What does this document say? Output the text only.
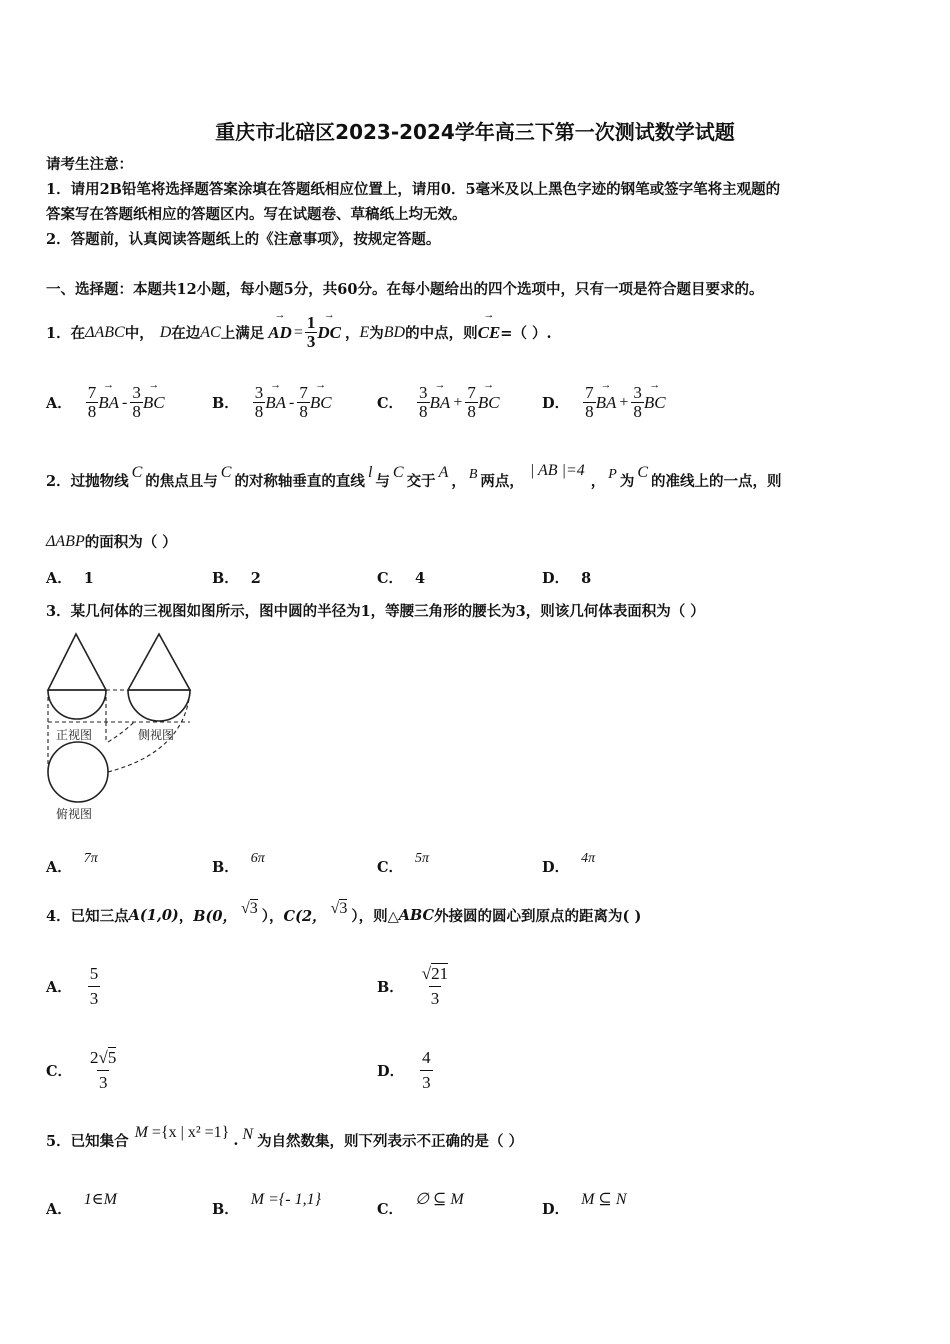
重庆市北碚区2023-2024学年高三下第一次测试数学试题
请考生注意：
1．请用2B铅笔将选择题答案涂填在答题纸相应位置上，请用0．5毫米及以上黑色字迹的钢笔或签字笔将主观题的
答案写在答题纸相应的答题区内。写在试题卷、草稿纸上均无效。
2．答题前，认真阅读答题纸上的《注意事项》，按规定答题。
一、选择题：本题共12小题，每小题5分，共60分。在每小题给出的四个选项中，只有一项是符合题目要求的。
1．在 ΔABC 中， D 在边 AC 上满足 → AD = $\frac{1}{3}$ → DC ， E 为 BD 的中点，则 → CE =（ ）.
A． $\frac{7}{8}$ → BA - $\frac{3}{8}$ → BC	B． $\frac{3}{8}$ → BA - $\frac{7}{8}$ → BC	C． $\frac{3}{8}$ → BA + $\frac{7}{8}$ → BC	D． $\frac{7}{8}$ → BA + $\frac{3}{8}$ → BC
2．过抛物线
C
的焦点且与
C
的对称轴垂直的直线
l
与
C
交于
A
， B 两点，
| AB |=4
， P 为
C
的准线上的一点，则
ΔABP 的面积为（ ）
A． 1	B． 2	C． 4	D． 8
3．某几何体的三视图如图所示，图中圆的半径为1，等腰三角形的腰长为3，则该几何体表面积为（ ）
正视图	侧视图
俯视图
A．7π
B．6π
C．5π
D．4π
4．已知三点 A(1,0) ， B(0， √3 ）， C(2， √3 ），则△ ABC 外接圆的圆心到原点的距离为( )
A． $\frac{5}{3}$	B． $\frac{√21}{3}$
C． $\frac{2√5}{3}$	D． $\frac{4}{3}$
5．已知集合
M ={x | x² =1} . N 为自然数集，则下列表示不正确的是（ ）
A．1∈M
B．M ={- 1,1}
C．∅ ⊆ M
D．M ⊆ N
